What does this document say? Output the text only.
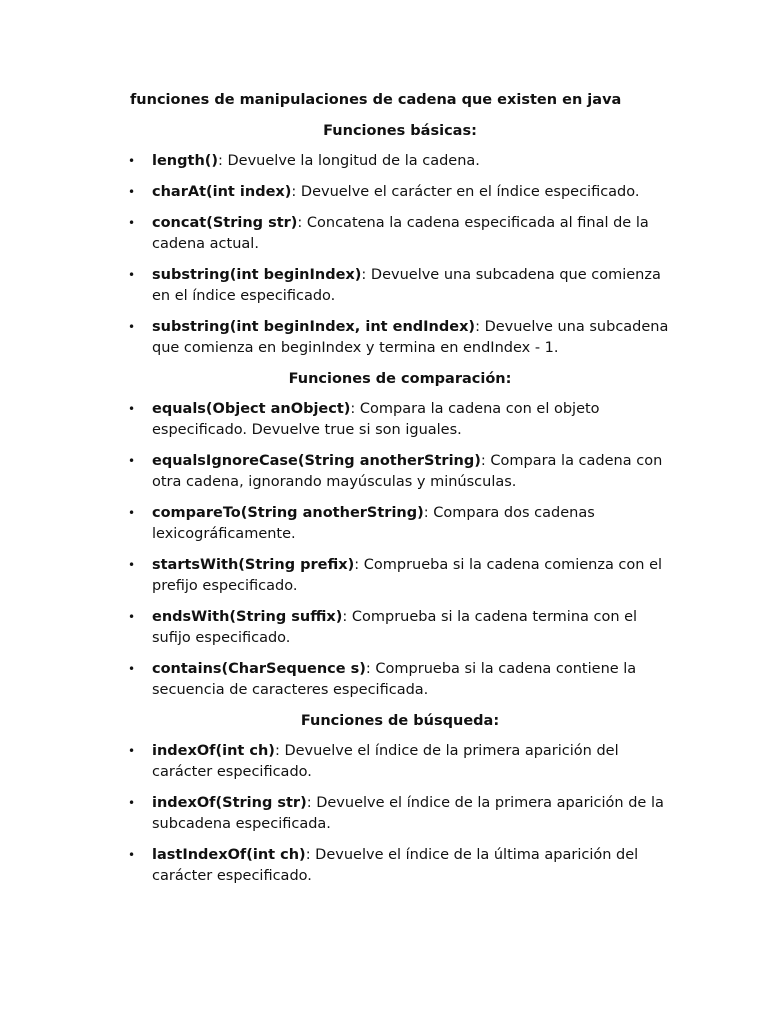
funciones de manipulaciones de cadena que existen en java
Funciones básicas:
• length(): Devuelve la longitud de la cadena.
• charAt(int index): Devuelve el carácter en el índice especificado.
• concat(String str): Concatena la cadena especificada al final de la cadena actual.
• substring(int beginIndex): Devuelve una subcadena que comienza en el índice especificado.
• substring(int beginIndex, int endIndex): Devuelve una subcadena que comienza en beginIndex y termina en endIndex - 1.
Funciones de comparación:
• equals(Object anObject): Compara la cadena con el objeto especificado. Devuelve true si son iguales.
• equalsIgnoreCase(String anotherString): Compara la cadena con otra cadena, ignorando mayúsculas y minúsculas.
• compareTo(String anotherString): Compara dos cadenas lexicográficamente.
• startsWith(String prefix): Comprueba si la cadena comienza con el prefijo especificado.
• endsWith(String suffix): Comprueba si la cadena termina con el sufijo especificado.
• contains(CharSequence s): Comprueba si la cadena contiene la secuencia de caracteres especificada.
Funciones de búsqueda:
• indexOf(int ch): Devuelve el índice de la primera aparición del carácter especificado.
• indexOf(String str): Devuelve el índice de la primera aparición de la subcadena especificada.
• lastIndexOf(int ch): Devuelve el índice de la última aparición del carácter especificado.
